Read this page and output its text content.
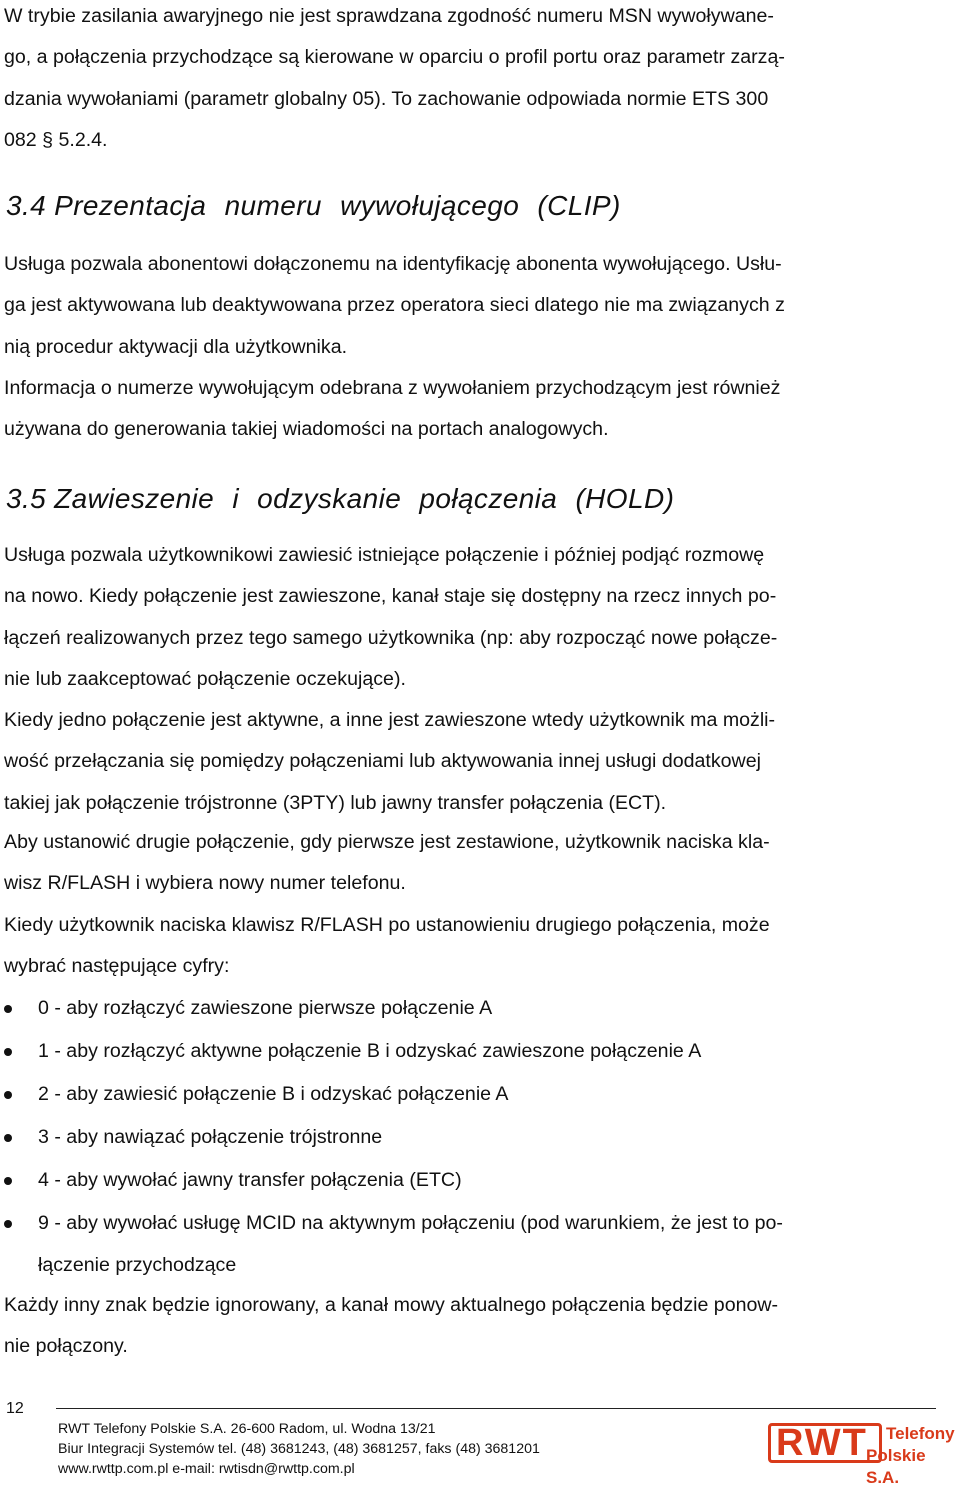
W trybie zasilania awaryjnego nie jest sprawdzana zgodność numeru MSN wywoływane-
go, a połączenia przychodzące są kierowane w oparciu o profil portu oraz parametr zarzą-
dzania wywołaniami (parametr globalny 05). To zachowanie odpowiada normie ETS 300
082 § 5.2.4.
3.4 Prezentacja numeru wywołującego (CLIP)
Usługa pozwala abonentowi dołączonemu na identyfikację abonenta wywołującego. Usłu-
ga jest aktywowana lub deaktywowana przez operatora sieci dlatego nie ma związanych z
nią procedur aktywacji dla użytkownika.
Informacja o numerze wywołującym odebrana z wywołaniem przychodzącym jest również
używana do generowania takiej wiadomości na portach analogowych.
3.5 Zawieszenie i odzyskanie połączenia (HOLD)
Usługa pozwala użytkownikowi zawiesić istniejące połączenie i później podjąć rozmowę
na nowo. Kiedy połączenie jest zawieszone, kanał staje się dostępny na rzecz innych po-
łączeń realizowanych przez tego samego użytkownika (np: aby rozpocząć nowe połącze-
nie lub zaakceptować połączenie oczekujące).
Kiedy jedno połączenie jest aktywne, a inne jest zawieszone wtedy użytkownik ma możli-
wość przełączania się pomiędzy połączeniami lub aktywowania innej usługi dodatkowej
takiej jak połączenie trójstronne (3PTY) lub jawny transfer połączenia (ECT).
Aby ustanowić drugie połączenie, gdy pierwsze jest zestawione, użytkownik naciska kla-
wisz R/FLASH i wybiera nowy numer telefonu.
Kiedy użytkownik naciska klawisz R/FLASH po ustanowieniu drugiego połączenia, może
wybrać następujące cyfry:
0 - aby rozłączyć zawieszone pierwsze połączenie A
1 - aby rozłączyć aktywne połączenie B i odzyskać zawieszone połączenie A
2 - aby zawiesić połączenie B i odzyskać połączenie A
3 - aby nawiązać połączenie trójstronne
4 - aby wywołać jawny transfer połączenia (ETC)
9 - aby wywołać usługę MCID na aktywnym połączeniu (pod warunkiem, że jest to po-
łączenie przychodzące
Każdy inny znak będzie ignorowany, a kanał mowy aktualnego połączenia będzie ponow-
nie połączony.
12
RWT Telefony Polskie S.A. 26-600 Radom, ul. Wodna 13/21
Biur Integracji Systemów tel. (48) 3681243, (48) 3681257, faks (48) 3681201
www.rwttp.com.pl e-mail: rwtisdn@rwttp.com.pl
RWT Telefony
Polskie S.A.
